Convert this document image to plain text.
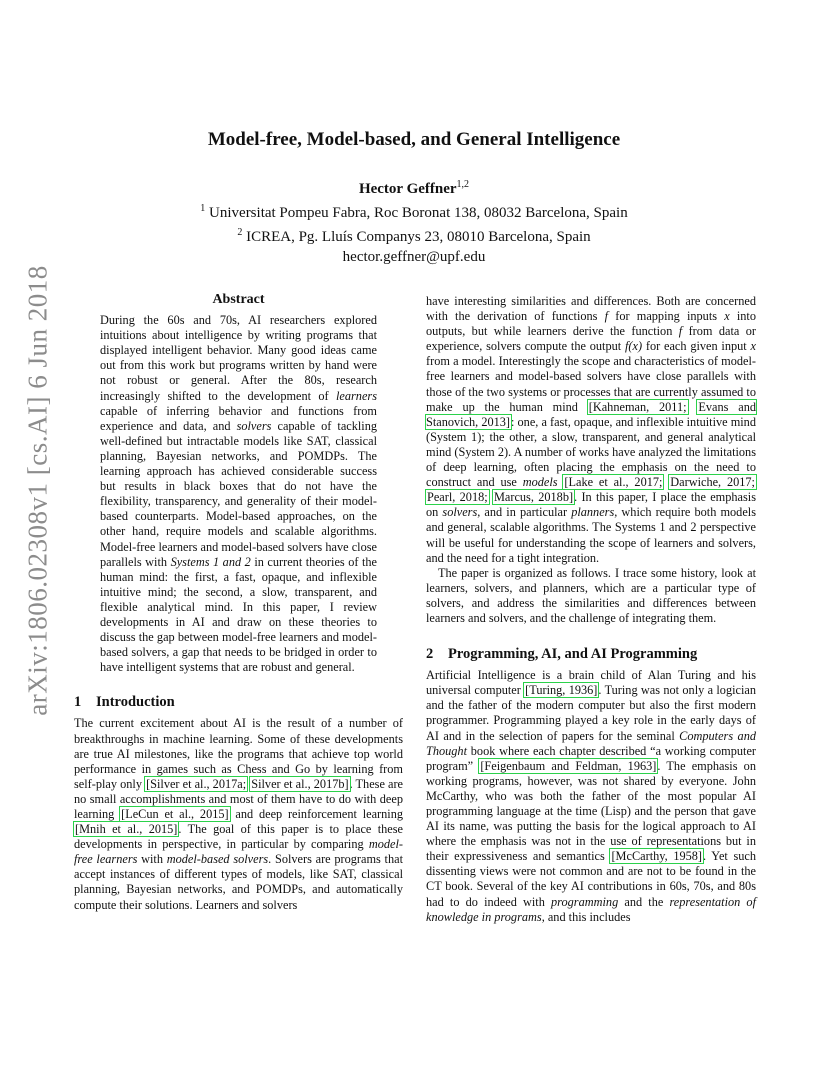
arXiv:1806.02308v1 [cs.AI] 6 Jun 2018
Model-free, Model-based, and General Intelligence
Hector Geffner$^{1,2}$
$^1$ Universitat Pompeu Fabra, Roc Boronat 138, 08032 Barcelona, Spain
$^2$ ICREA, Pg. Lluís Companys 23, 08010 Barcelona, Spain
hector.geffner@upf.edu
Abstract

During the 60s and 70s, AI researchers explored intuitions about intelligence by writing programs that displayed intelligent behavior. Many good ideas came out from this work but programs written by hand were not robust or general. After the 80s, research increasingly shifted to the development of learners capable of inferring behavior and functions from experience and data, and solvers capable of tackling well-defined but intractable models like SAT, classical planning, Bayesian networks, and POMDPs. The learning approach has achieved considerable success but results in black boxes that do not have the flexibility, transparency, and generality of their model-based counterparts. Model-based approaches, on the other hand, require models and scalable algorithms. Model-free learners and model-based solvers have close parallels with Systems 1 and 2 in current theories of the human mind: the first, a fast, opaque, and inflexible intuitive mind; the second, a slow, transparent, and flexible analytical mind. In this paper, I review developments in AI and draw on these theories to discuss the gap between model-free learners and model-based solvers, a gap that needs to be bridged in order to have intelligent systems that are robust and general.

1 Introduction

The current excitement about AI is the result of a number of breakthroughs in machine learning. Some of these developments are true AI milestones, like the programs that achieve top world performance in games such as Chess and Go by learning from self-play only [Silver et al., 2017a; Silver et al., 2017b]. These are no small accomplishments and most of them have to do with deep learning [LeCun et al., 2015] and deep reinforcement learning [Mnih et al., 2015]. The goal of this paper is to place these developments in perspective, in particular by comparing model-free learners with model-based solvers. Solvers are programs that accept instances of different types of models, like SAT, classical planning, Bayesian networks, and POMDPs, and automatically compute their solutions. Learners and solvers

have interesting similarities and differences. Both are concerned with the derivation of functions f for mapping inputs x into outputs, but while learners derive the function f from data or experience, solvers compute the output f(x) for each given input x from a model. Interestingly the scope and characteristics of model-free learners and model-based solvers have close parallels with those of the two systems or processes that are currently assumed to make up the human mind [Kahneman, 2011; Evans and Stanovich, 2013]: one, a fast, opaque, and inflexible intuitive mind (System 1); the other, a slow, transparent, and general analytical mind (System 2). A number of works have analyzed the limitations of deep learning, often placing the emphasis on the need to construct and use models [Lake et al., 2017; Darwiche, 2017; Pearl, 2018; Marcus, 2018b]. In this paper, I place the emphasis on solvers, and in particular planners, which require both models and general, scalable algorithms. The Systems 1 and 2 perspective will be useful for understanding the scope of learners and solvers, and the need for a tight integration.

The paper is organized as follows. I trace some history, look at learners, solvers, and planners, which are a particular type of solvers, and address the similarities and differences between learners and solvers, and the challenge of integrating them.

2 Programming, AI, and AI Programming

Artificial Intelligence is a brain child of Alan Turing and his universal computer [Turing, 1936]. Turing was not only a logician and the father of the modern computer but also the first modern programmer. Programming played a key role in the early days of AI and in the selection of papers for the seminal Computers and Thought book where each chapter described “a working computer program” [Feigenbaum and Feldman, 1963]. The emphasis on working programs, however, was not shared by everyone. John McCarthy, who was both the father of the most popular AI programming language at the time (Lisp) and the person that gave AI its name, was putting the basis for the logical approach to AI where the emphasis was not in the use of representations but in their expressiveness and semantics [McCarthy, 1958]. Yet such dissenting views were not common and are not to be found in the CT book. Several of the key AI contributions in 60s, 70s, and 80s had to do indeed with programming and the representation of knowledge in programs, and this includes
